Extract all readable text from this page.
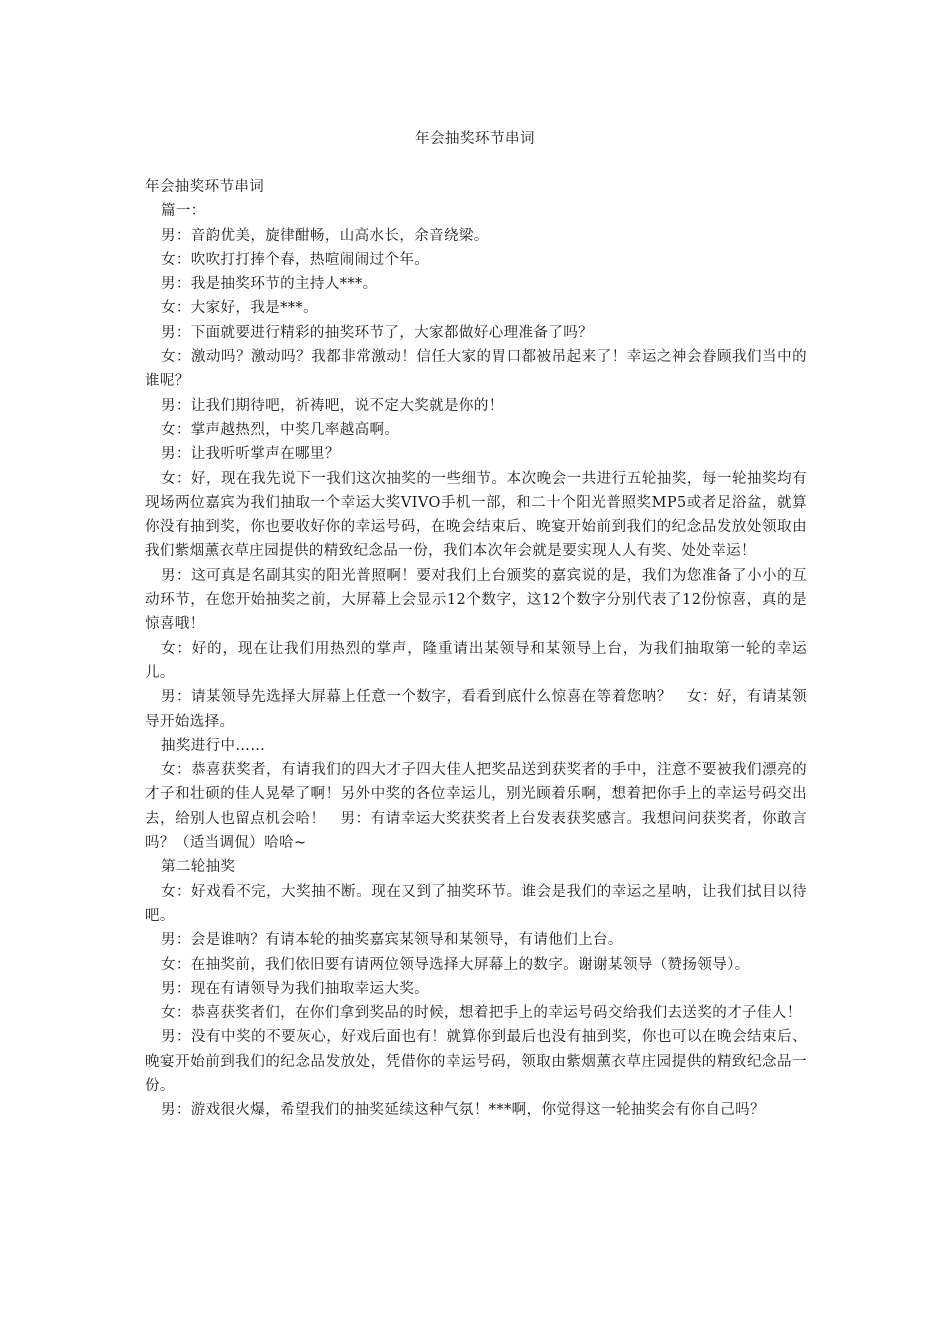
年会抽奖环节串词

年会抽奖环节串词

篇一：

男：音韵优美，旋律酣畅，山高水长，余音绕梁。

女：吹吹打打捧个春，热喧闹闹过个年。

男：我是抽奖环节的主持人***。

女：大家好，我是***。

男：下面就要进行精彩的抽奖环节了，大家都做好心理准备了吗？

女：激动吗？激动吗？我都非常激动！信任大家的胃口都被吊起来了！幸运之神会眷顾我们当中的谁呢？

男：让我们期待吧，祈祷吧，说不定大奖就是你的！

女：掌声越热烈，中奖几率越高啊。

男：让我听听掌声在哪里？

女：好，现在我先说下一我们这次抽奖的一些细节。本次晚会一共进行五轮抽奖，每一轮抽奖均有现场两位嘉宾为我们抽取一个幸运大奖VIVO手机一部，和二十个阳光普照奖MP5或者足浴盆，就算你没有抽到奖，你也要收好你的幸运号码，在晚会结束后、晚宴开始前到我们的纪念品发放处领取由我们紫烟薰衣草庄园提供的精致纪念品一份，我们本次年会就是要实现人人有奖、处处幸运！

男：这可真是名副其实的阳光普照啊！要对我们上台颁奖的嘉宾说的是，我们为您准备了小小的互动环节，在您开始抽奖之前，大屏幕上会显示12个数字，这12个数字分别代表了12份惊喜，真的是惊喜哦！

女：好的，现在让我们用热烈的掌声，隆重请出某领导和某领导上台，为我们抽取第一轮的幸运儿。

男：请某领导先选择大屏幕上任意一个数字，看看到底什么惊喜在等着您呐？　女：好，有请某领导开始选择。

抽奖进行中……

女：恭喜获奖者，有请我们的四大才子四大佳人把奖品送到获奖者的手中，注意不要被我们漂亮的才子和壮硕的佳人晃晕了啊！另外中奖的各位幸运儿，别光顾着乐啊，想着把你手上的幸运号码交出去，给别人也留点机会哈！　男：有请幸运大奖获奖者上台发表获奖感言。我想问问获奖者，你敢言吗？（适当调侃）哈哈~

第二轮抽奖

女：好戏看不完，大奖抽不断。现在又到了抽奖环节。谁会是我们的幸运之星呐，让我们拭目以待吧。

男：会是谁呐？有请本轮的抽奖嘉宾某领导和某领导，有请他们上台。

女：在抽奖前，我们依旧要有请两位领导选择大屏幕上的数字。谢谢某领导（赞扬领导）。

男：现在有请领导为我们抽取幸运大奖。

女：恭喜获奖者们，在你们拿到奖品的时候，想着把手上的幸运号码交给我们去送奖的才子佳人！

男：没有中奖的不要灰心，好戏后面也有！就算你到最后也没有抽到奖，你也可以在晚会结束后、晚宴开始前到我们的纪念品发放处，凭借你的幸运号码，领取由紫烟薰衣草庄园提供的精致纪念品一份。

男：游戏很火爆，希望我们的抽奖延续这种气氛！***啊，你觉得这一轮抽奖会有你自己吗？
